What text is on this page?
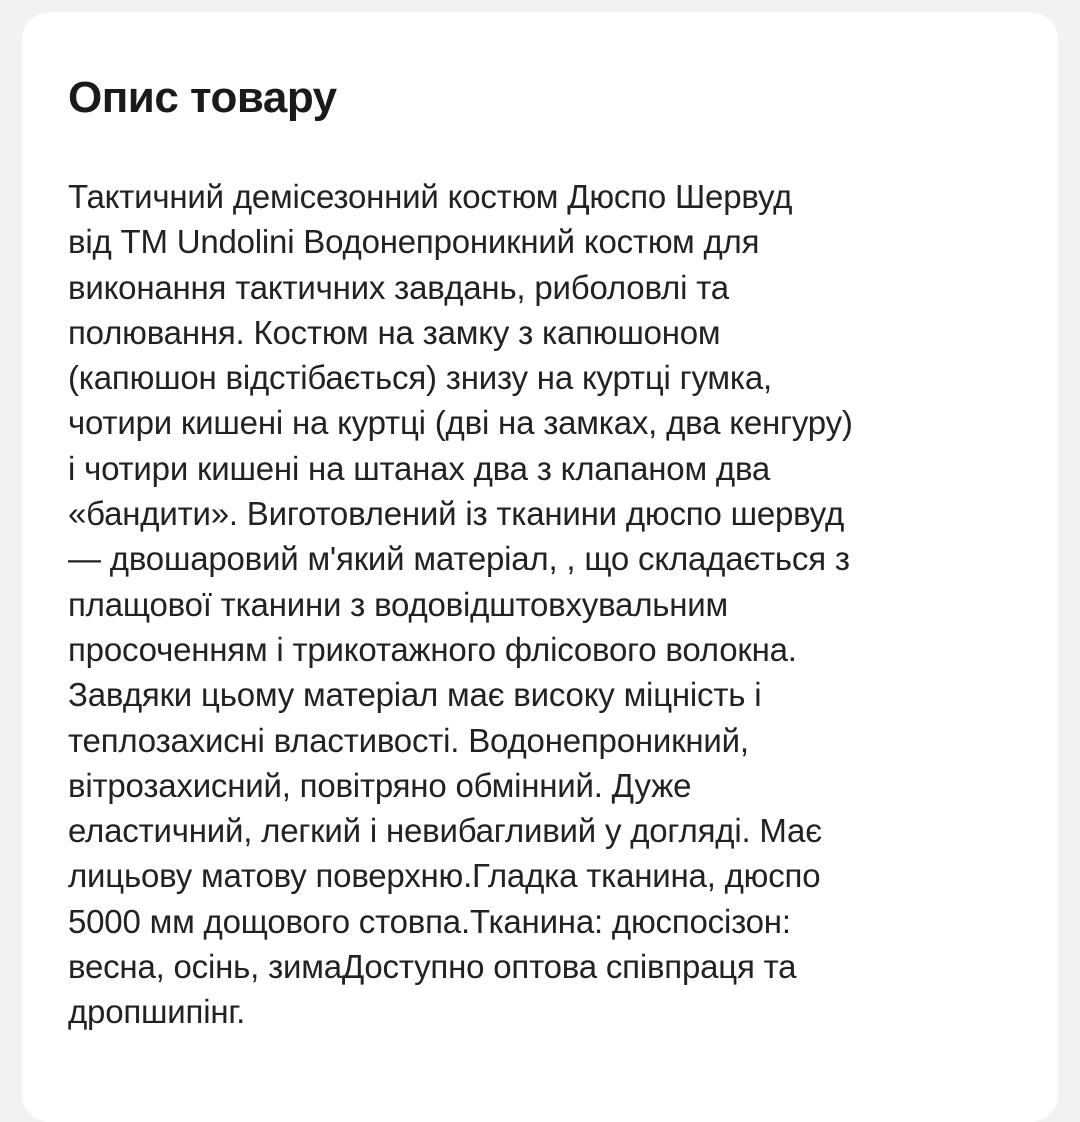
Опис товару

Тактичний демісезонний костюм Дюспо Шервуд
від ТМ Undolini Водонепроникний костюм для
виконання тактичних завдань, риболовлі та
полювання. Костюм на замку з капюшоном
(капюшон відстібається) знизу на куртці гумка,
чотири кишені на куртці (дві на замках, два кенгуру)
і чотири кишені на штанах два з клапаном два
«бандити». Виготовлений із тканини дюспо шервуд
— двошаровий м'який матеріал, , що складається з
плащової тканини з водовідштовхувальним
просоченням і трикотажного флісового волокна.
Завдяки цьому матеріал має високу міцність і
теплозахисні властивості. Водонепроникний,
вітрозахисний, повітряно обмінний. Дуже
еластичний, легкий і невибагливий у догляді. Має
лицьову матову поверхню.Гладка тканина, дюспо
5000 мм дощового стовпа.Тканина: дюспосізон:
весна, осінь, зимаДоступно оптова співпраця та
дропшипінг.
